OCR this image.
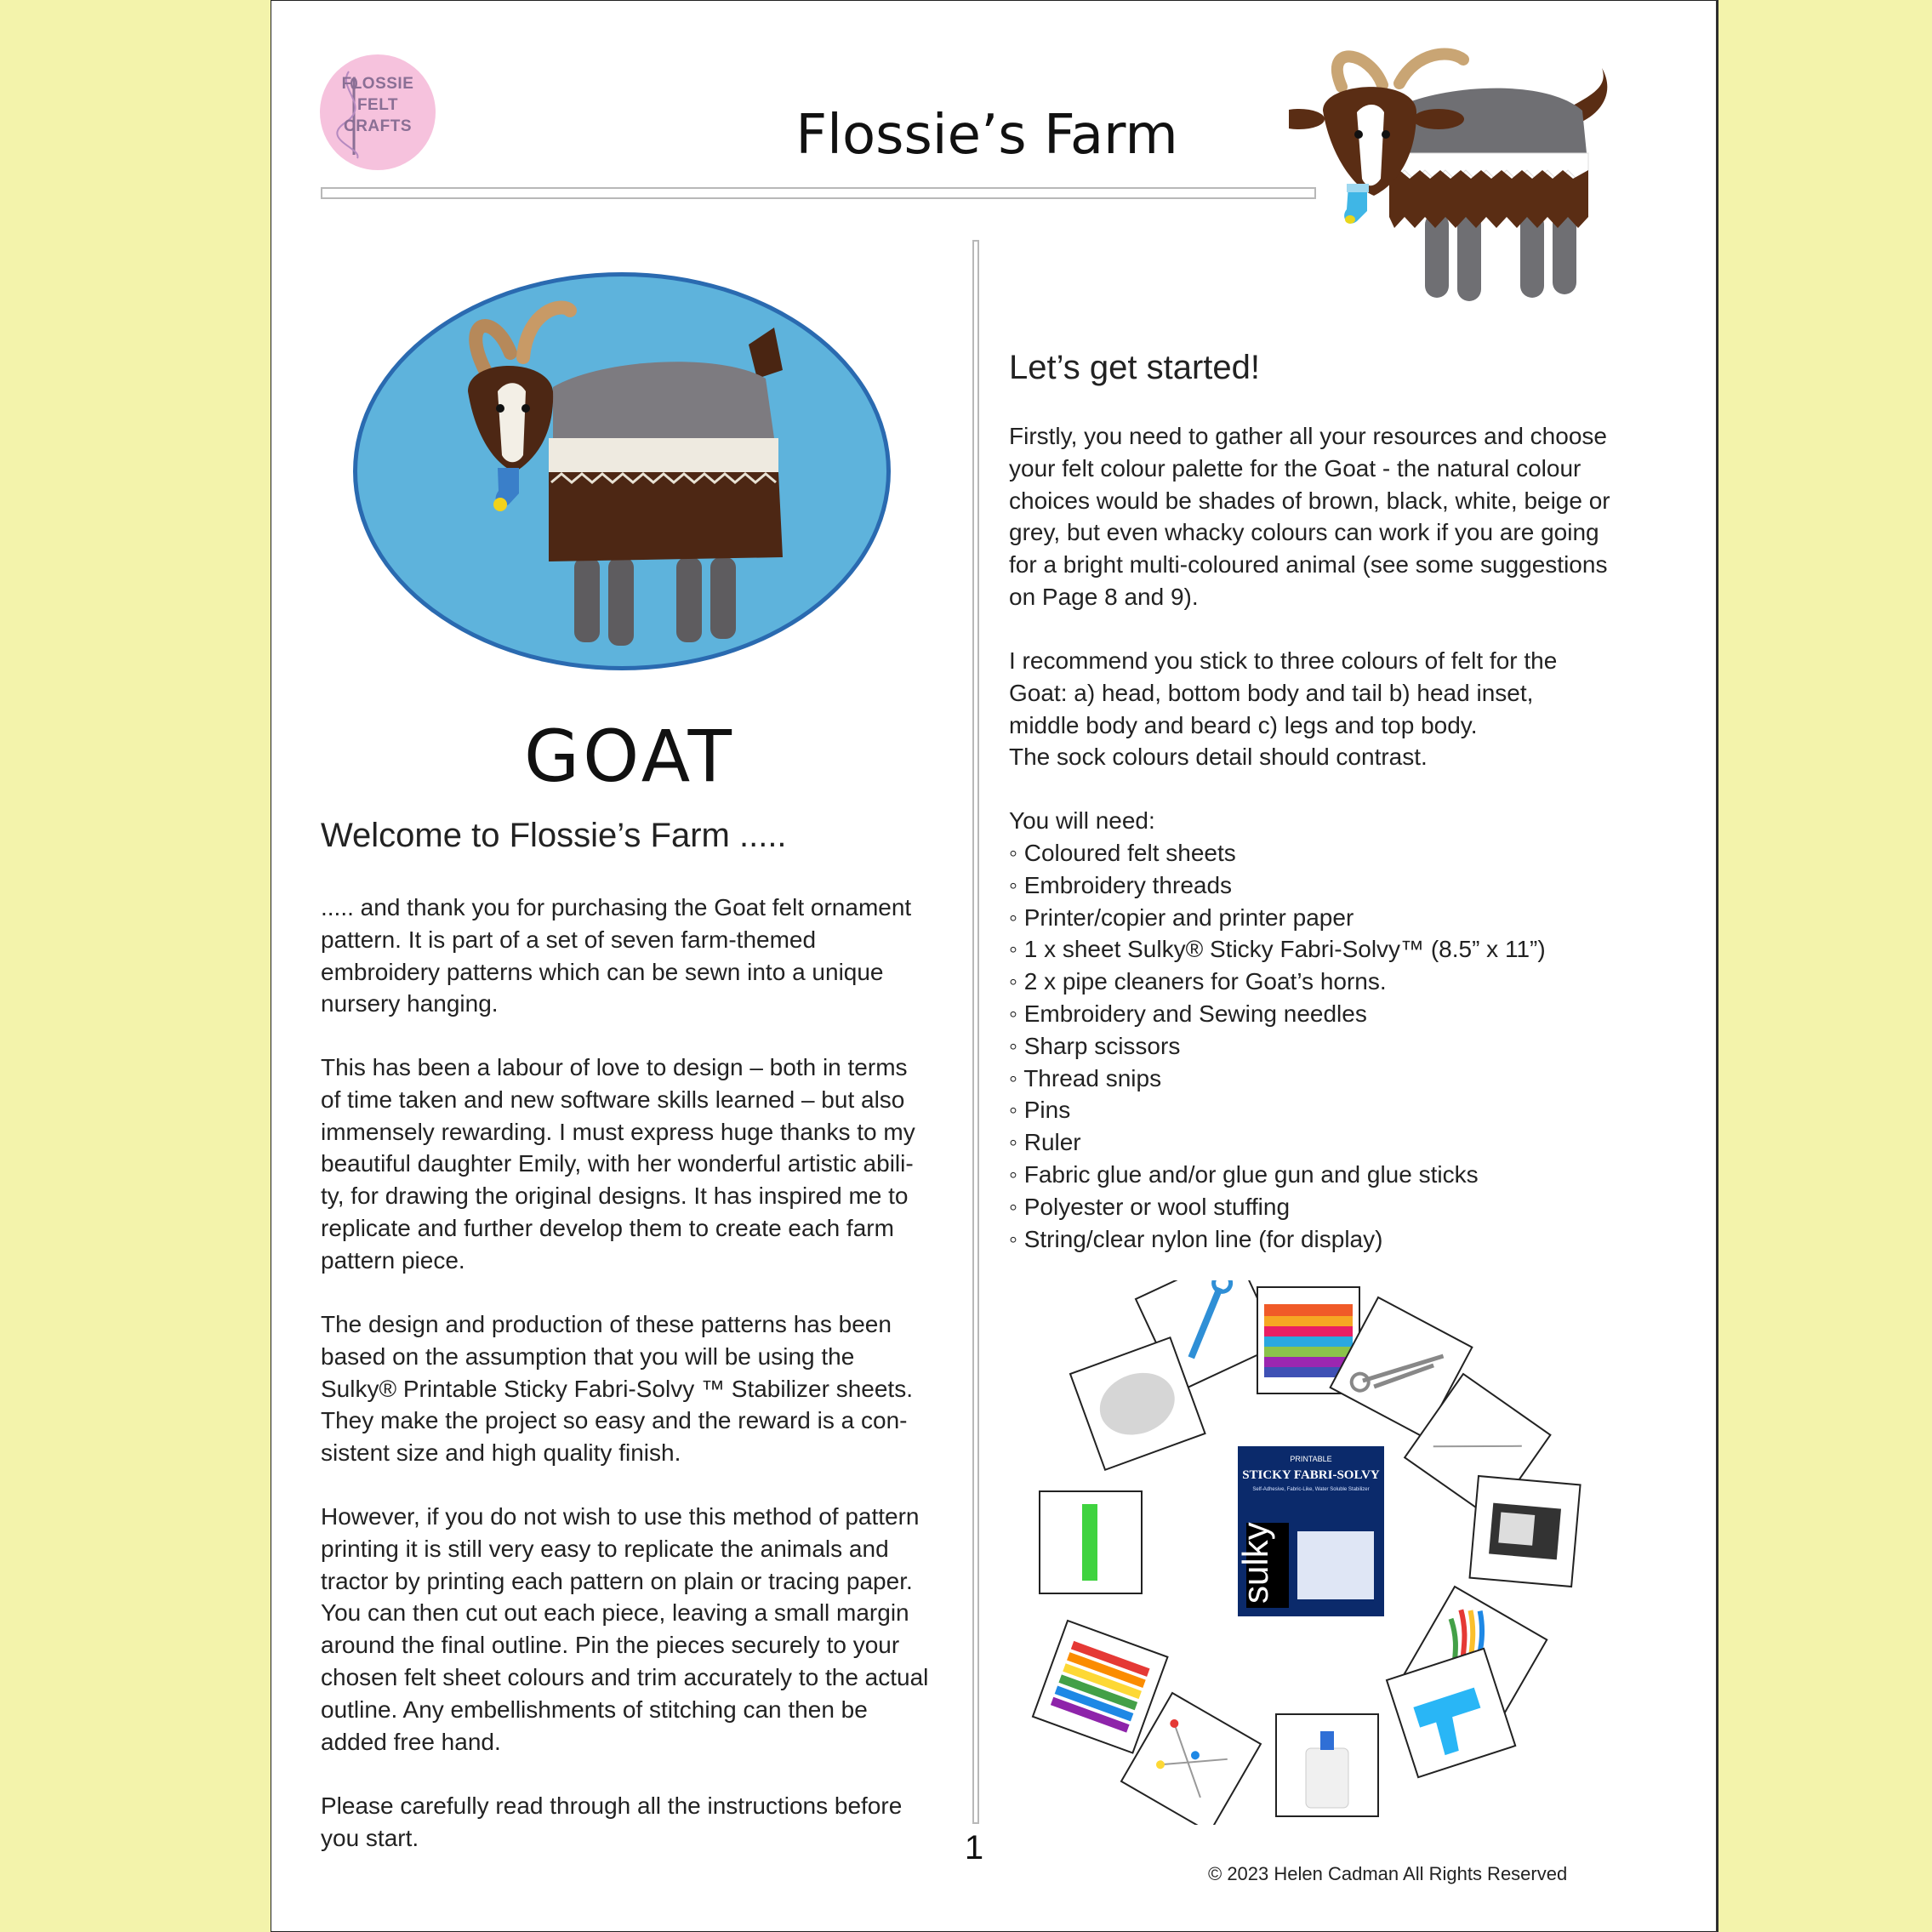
FLOSSIE
FELT
CRAFTS	Flossie’s Farm
GOAT
Welcome to Flossie’s Farm .....
..... and thank you for purchasing the Goat felt ornament
pattern. It is part of a set of seven farm-themed
embroidery patterns which can be sewn into a unique
nursery hanging.
This has been a labour of love to design – both in terms
of time taken and new software skills learned – but also
immensely rewarding. I must express huge thanks to my
beautiful daughter Emily, with her wonderful artistic abili-
ty, for drawing the original designs. It has inspired me to
replicate and further develop them to create each farm
pattern piece.
The design and production of these patterns has been
based on the assumption that you will be using the
Sulky® Printable Sticky Fabri-Solvy ™ Stabilizer sheets.
They make the project so easy and the reward is a con-
sistent size and high quality finish.
However, if you do not wish to use this method of pattern
printing it is still very easy to replicate the animals and
tractor by printing each pattern on plain or tracing paper.
You can then cut out each piece, leaving a small margin
around the final outline. Pin the pieces securely to your
chosen felt sheet colours and trim accurately to the actual
outline. Any embellishments of stitching can then be
added free hand.
Please carefully read through all the instructions before
you start.
Let’s get started!
Firstly, you need to gather all your resources and choose
your felt colour palette for the Goat - the natural colour
choices would be shades of brown, black, white, beige or
grey, but even whacky colours can work if you are going
for a bright multi-coloured animal (see some suggestions
on Page 8 and 9).
I recommend you stick to three colours of felt for the
Goat: a) head, bottom body and tail b) head inset,
middle body and beard c) legs and top body.
The sock colours detail should contrast.
You will need:
◦ Coloured felt sheets
◦ Embroidery threads
◦ Printer/copier and printer paper
◦ 1 x sheet Sulky® Sticky Fabri-Solvy™ (8.5” x 11”)
◦ 2 x pipe cleaners for Goat’s horns.
◦ Embroidery and Sewing needles
◦ Sharp scissors
◦ Thread snips
◦ Pins
◦ Ruler
◦ Fabric glue and/or glue gun and glue sticks
◦ Polyester or wool stuffing
◦ String/clear nylon line (for display)
PRINTABLE
STICKY FABRI-SOLVY
Self-Adhesive, Fabric-Like, Water Soluble Stabilizer
sulky
1
© 2023 Helen Cadman All Rights Reserved
